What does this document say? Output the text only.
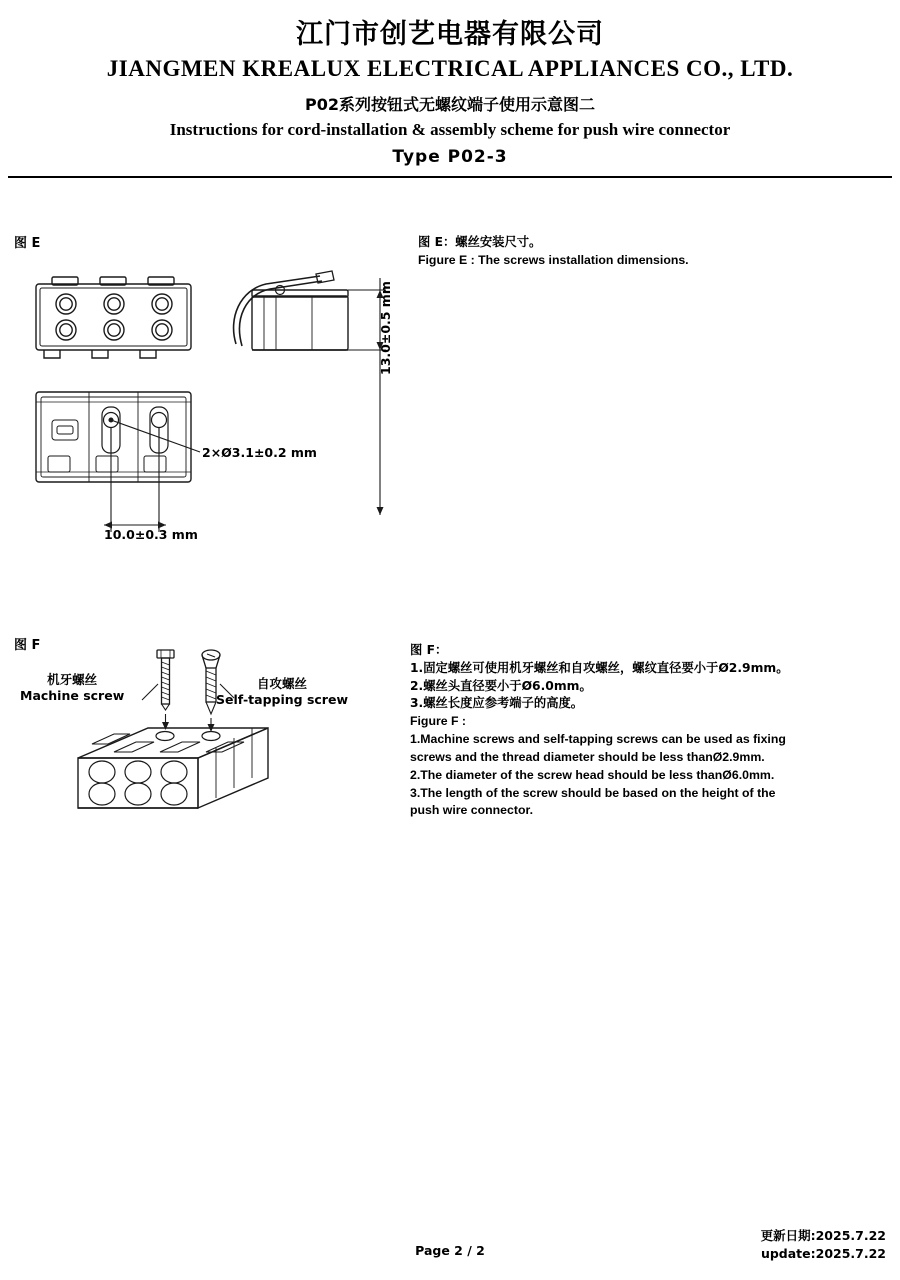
江门市创艺电器有限公司
JIANGMEN KREALUX ELECTRICAL APPLIANCES CO., LTD.
P02系列按钮式无螺纹端子使用示意图二
Instructions for cord-installation & assembly scheme for push wire connector
Type P02-3
图 E	图 E：螺丝安装尺寸。
Figure E : The screws installation dimensions.
13.0±0.5 mm
2×Ø3.1±0.2 mm
10.0±0.3 mm
图 F	图 F：
1.固定螺丝可使用机牙螺丝和自攻螺丝，螺纹直径要小于Ø2.9mm。
2.螺丝头直径要小于Ø6.0mm。
3.螺丝长度应参考端子的高度。
Figure F :
1.Machine screws and self-tapping screws can be used as fixing
screws and the thread diameter should be less thanØ2.9mm.
2.The diameter of the screw head should be less thanØ6.0mm.
3.The length of the screw should be based on the height of the
push wire connector.
机牙螺丝
Machine screw
自攻螺丝
Self-tapping screw
Page 2 / 2
更新日期:2025.7.22
update:2025.7.22
